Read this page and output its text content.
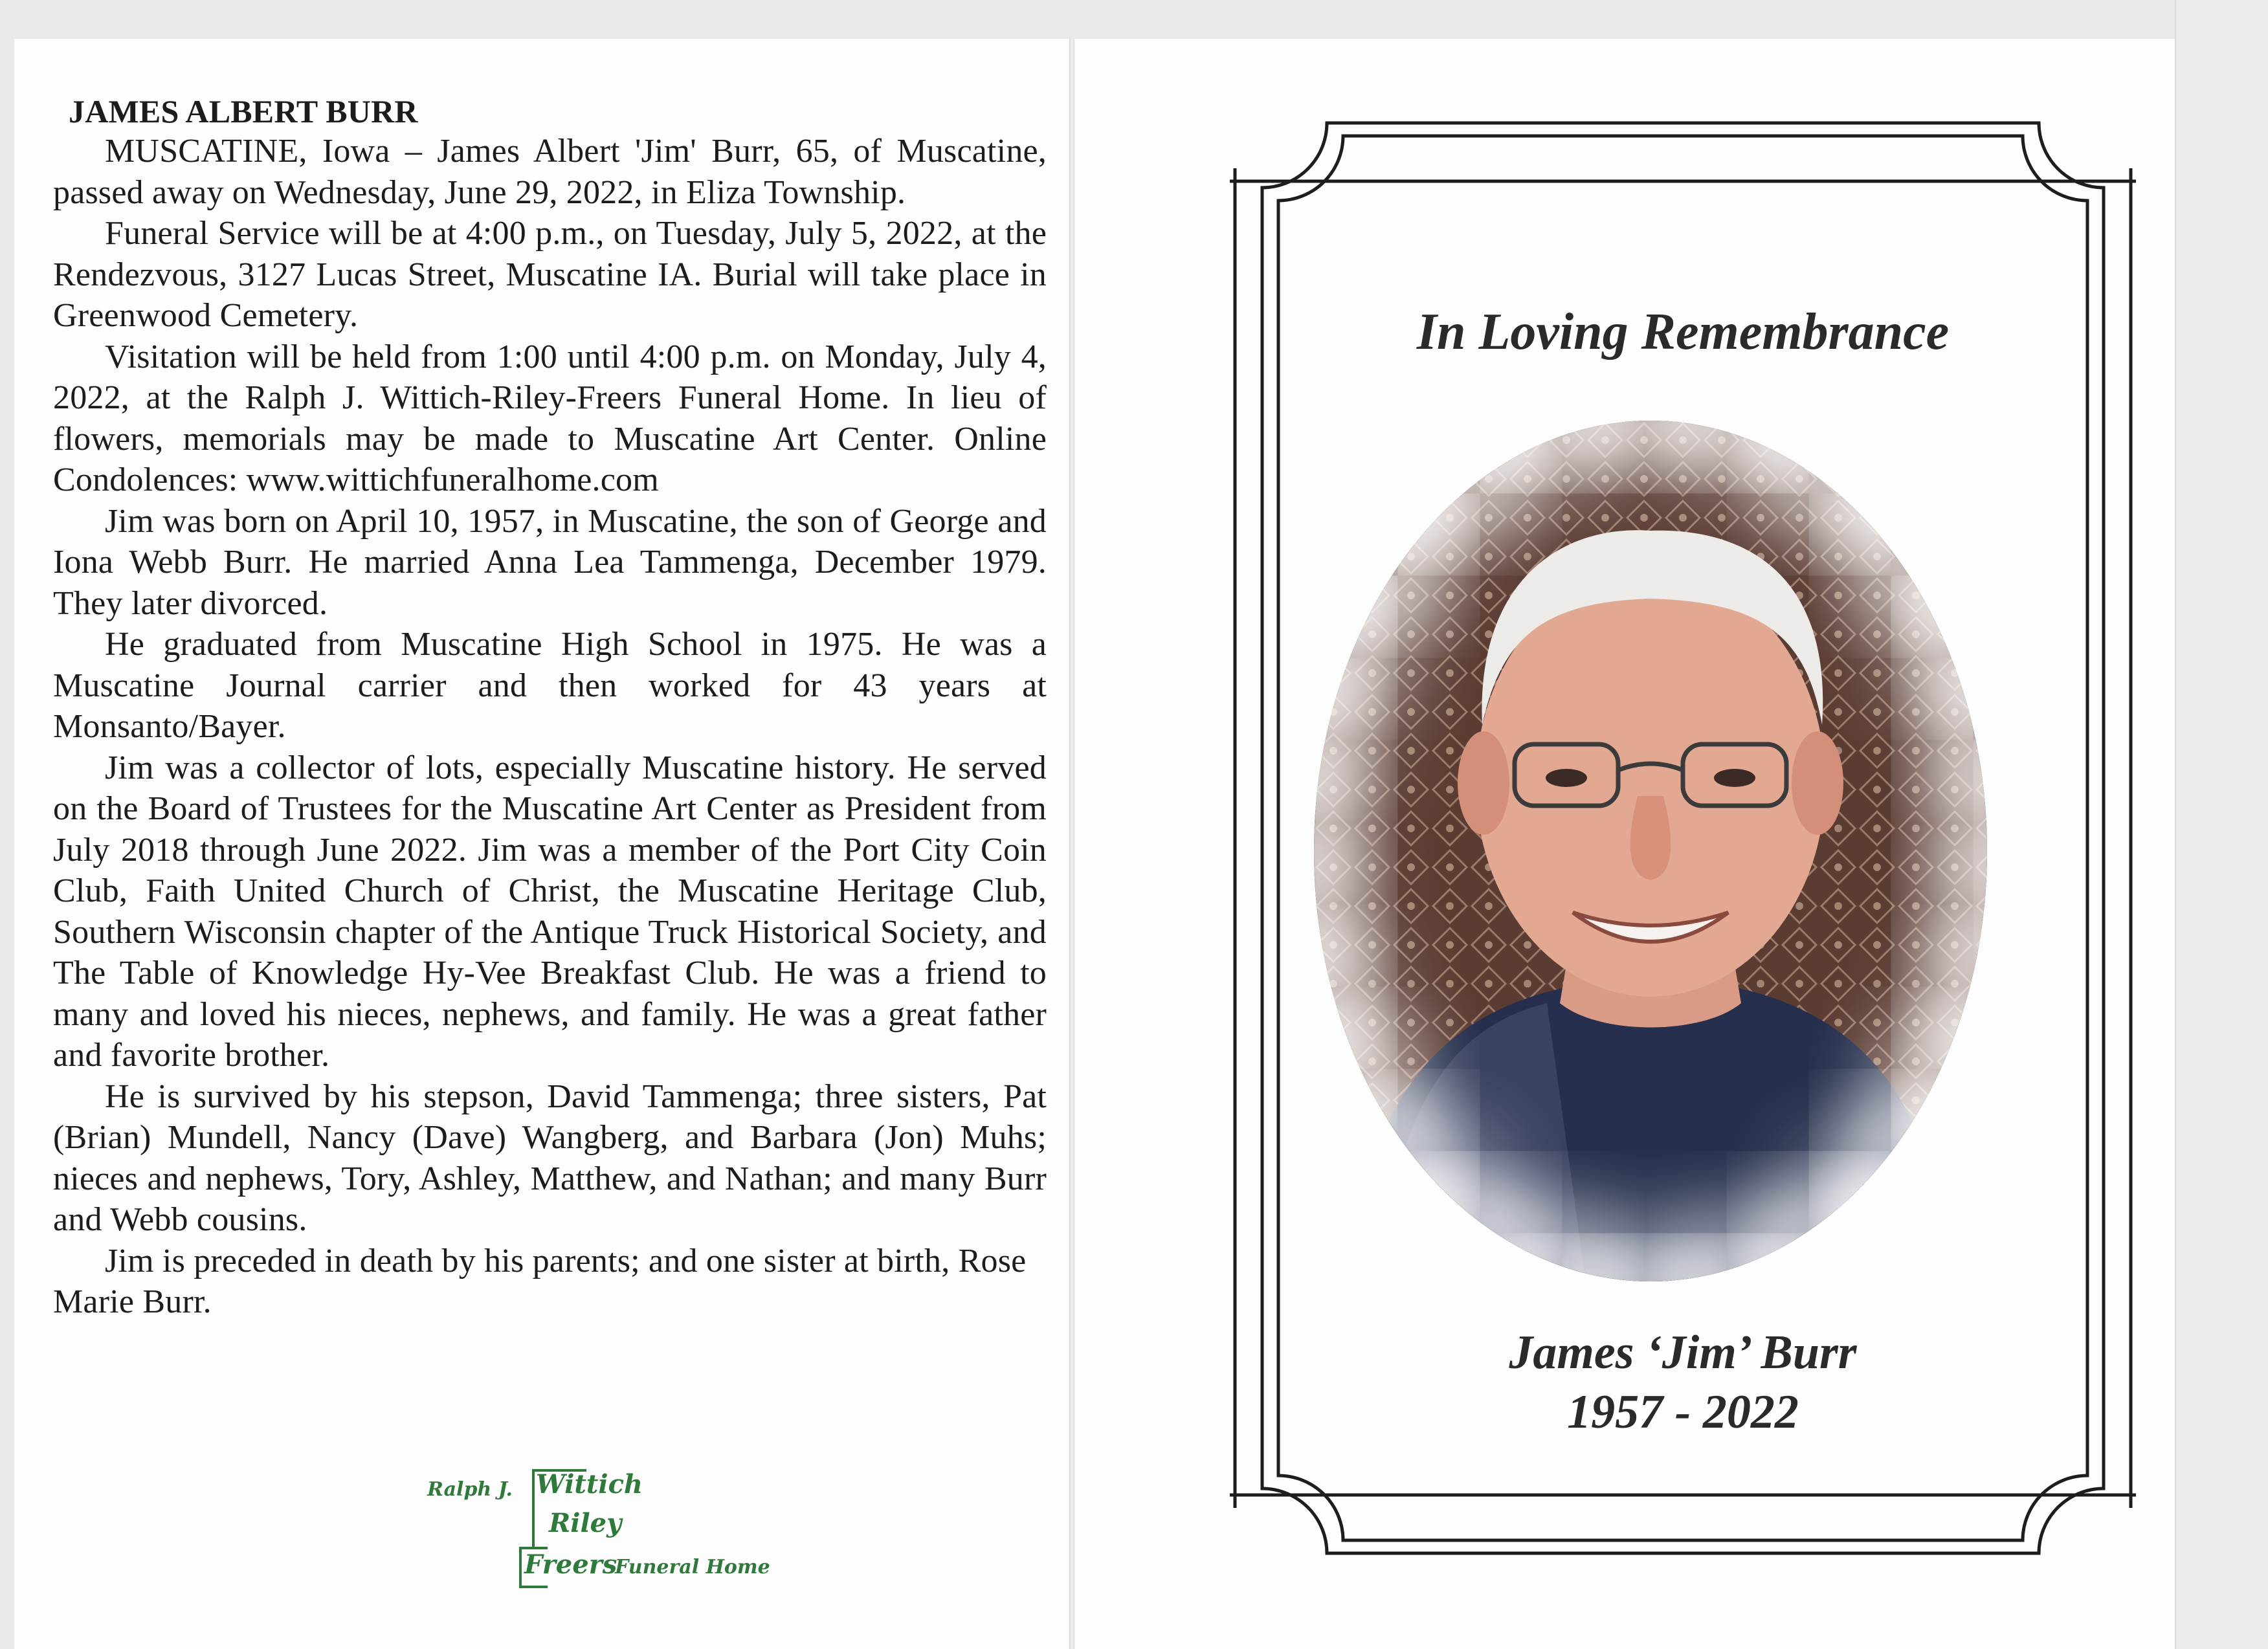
JAMES ALBERT BURR

MUSCATINE, Iowa – James Albert 'Jim' Burr, 65, of Muscatine, passed away on Wednesday, June 29, 2022, in Eliza Township.

Funeral Service will be at 4:00 p.m., on Tuesday, July 5, 2022, at the Rendezvous, 3127 Lucas Street, Muscatine IA. Burial will take place in Greenwood Cemetery.

Visitation will be held from 1:00 until 4:00 p.m. on Monday, July 4, 2022, at the Ralph J. Wittich-Riley-Freers Funeral Home. In lieu of flowers, memorials may be made to Muscatine Art Center. Online Condolences: www.wittichfuneralhome.com

Jim was born on April 10, 1957, in Muscatine, the son of George and Iona Webb Burr. He married Anna Lea Tammenga, December 1979. They later divorced.

He graduated from Muscatine High School in 1975. He was a Muscatine Journal carrier and then worked for 43 years at Monsanto/Bayer.

Jim was a collector of lots, especially Muscatine history. He served on the Board of Trustees for the Muscatine Art Center as President from July 2018 through June 2022. Jim was a member of the Port City Coin Club, Faith United Church of Christ, the Muscatine Heritage Club, Southern Wisconsin chapter of the Antique Truck Historical Society, and The Table of Knowledge Hy-Vee Breakfast Club. He was a friend to many and loved his nieces, nephews, and family. He was a great father and favorite brother.

He is survived by his stepson, David Tammenga; three sisters, Pat (Brian) Mundell, Nancy (Dave) Wangberg, and Barbara (Jon) Muhs; nieces and nephews, Tory, Ashley, Matthew, and Nathan; and many Burr and Webb cousins.

Jim is preceded in death by his parents; and one sister at birth, Rose Marie Burr.

Ralph J. Wittich
Riley
Freers
Funeral Home
In Loving Remembrance
James ‘Jim’ Burr
1957 - 2022
